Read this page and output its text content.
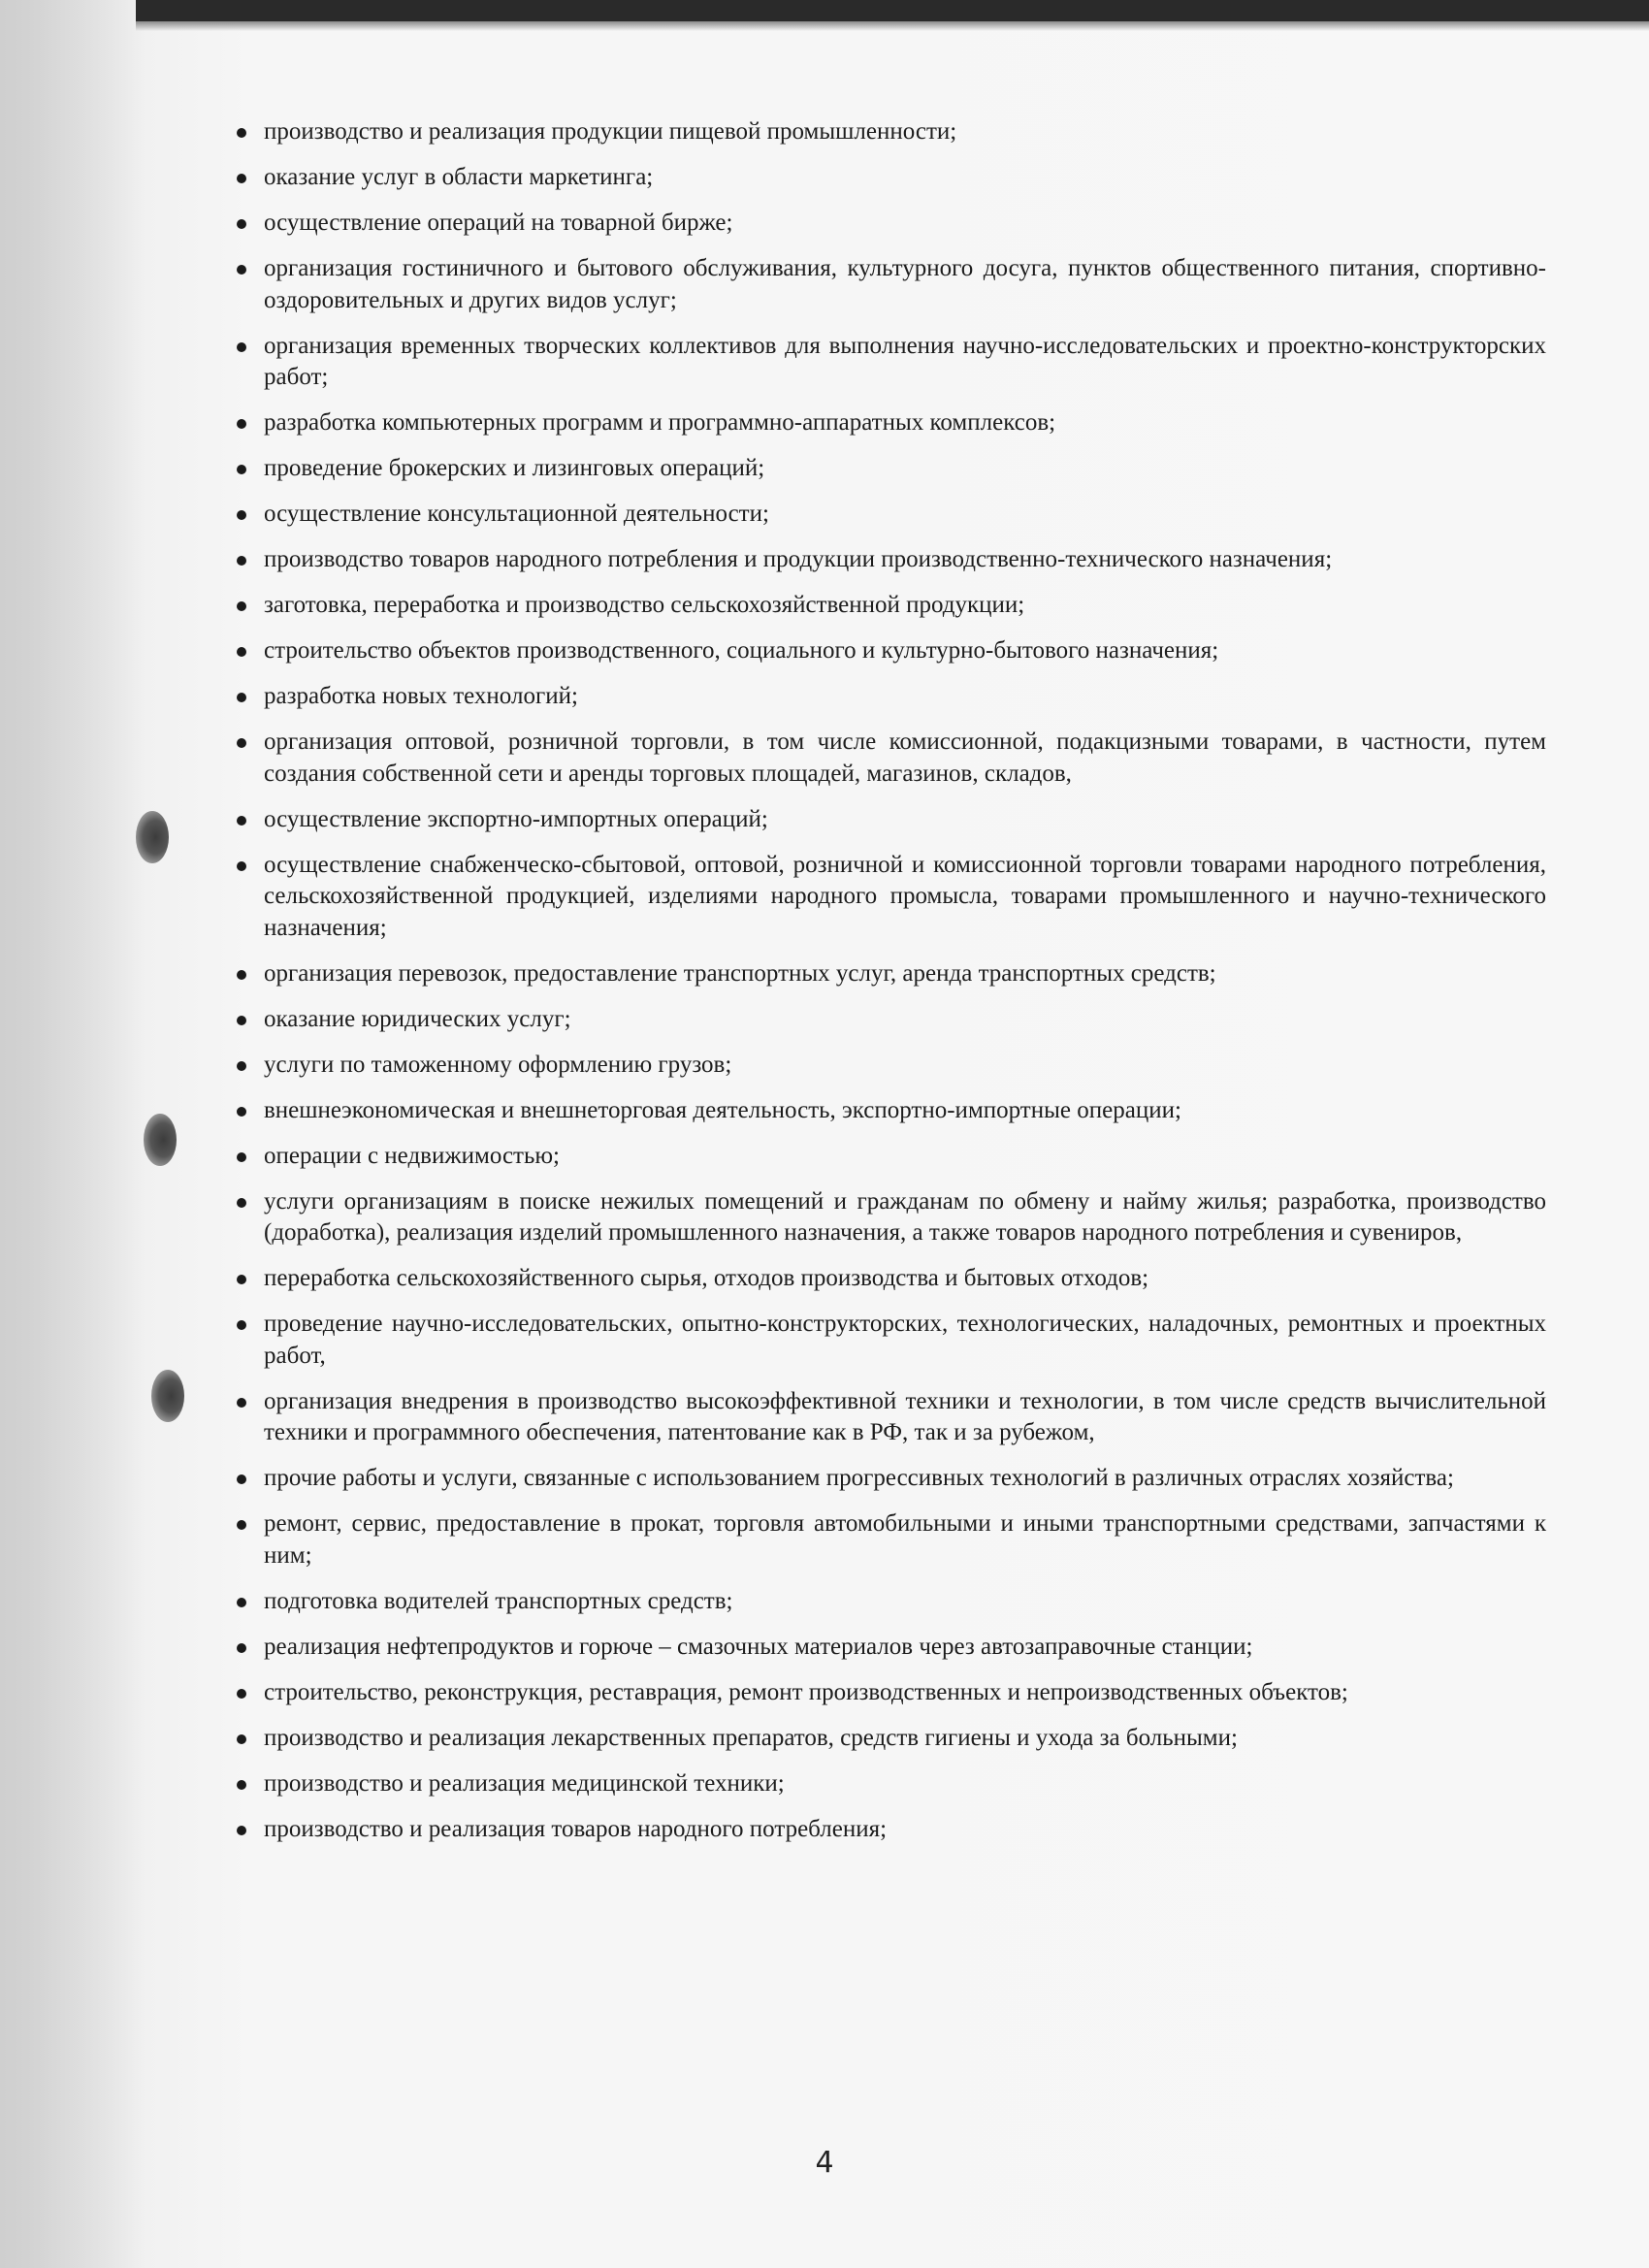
производство и реализация продукции пищевой промышленности;
оказание услуг в области маркетинга;
осуществление операций на товарной бирже;
организация гостиничного и бытового обслуживания, культурного досуга, пунктов общественного питания, спортивно-оздоровительных и других видов услуг;
организация временных творческих коллективов для выполнения научно-исследовательских и проектно-конструкторских работ;
разработка компьютерных программ и программно-аппаратных комплексов;
проведение брокерских и лизинговых операций;
осуществление консультационной деятельности;
производство товаров народного потребления и продукции производственно-технического назначения;
заготовка, переработка и производство сельскохозяйственной продукции;
строительство объектов производственного, социального и культурно-бытового назначения;
разработка новых технологий;
организация оптовой, розничной торговли, в том числе комиссионной, подакцизными товарами, в частности, путем создания собственной сети и аренды торговых площадей, магазинов, складов,
осуществление экспортно-импортных операций;
осуществление снабженческо-сбытовой, оптовой, розничной и комиссионной торговли товарами народного потребления, сельскохозяйственной продукцией, изделиями народного промысла, товарами промышленного и научно-технического назначения;
организация перевозок, предоставление транспортных услуг, аренда транспортных средств;
оказание юридических услуг;
услуги по таможенному оформлению грузов;
внешнеэкономическая и внешнеторговая деятельность, экспортно-импортные операции;
операции с недвижимостью;
услуги организациям в поиске нежилых помещений и гражданам по обмену и найму жилья; разработка, производство (доработка), реализация изделий промышленного назначения, а также товаров народного потребления и сувениров,
переработка сельскохозяйственного сырья, отходов производства и бытовых отходов;
проведение научно-исследовательских, опытно-конструкторских, технологических, наладочных, ремонтных и проектных работ,
организация внедрения в производство высокоэффективной техники и технологии, в том числе средств вычислительной техники и программного обеспечения, патентование как в РФ, так и за рубежом,
прочие работы и услуги, связанные с использованием прогрессивных технологий в различных отраслях хозяйства;
ремонт, сервис, предоставление в прокат, торговля автомобильными и иными транспортными средствами, запчастями к ним;
подготовка водителей транспортных средств;
реализация нефтепродуктов и горюче – смазочных материалов через автозаправочные станции;
строительство, реконструкция, реставрация, ремонт производственных и непроизводственных объектов;
производство и реализация лекарственных препаратов, средств гигиены и ухода за больными;
производство и реализация медицинской техники;
производство и реализация товаров народного потребления;
4
